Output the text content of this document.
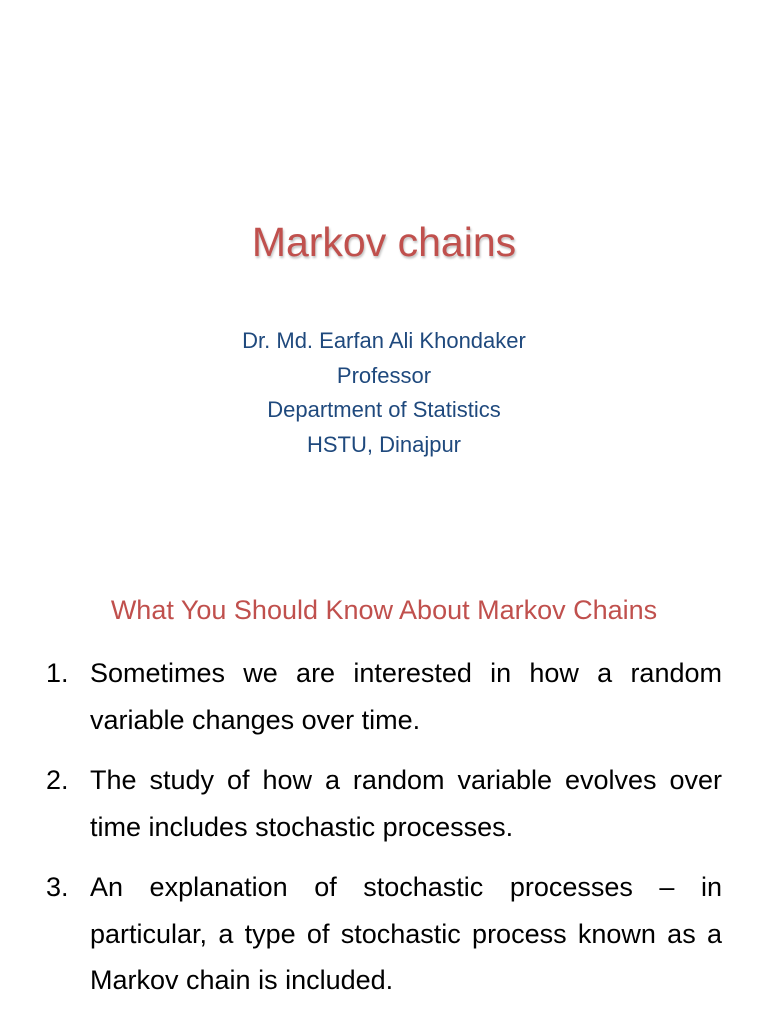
Markov chains
Dr. Md. Earfan Ali Khondaker
Professor
Department of Statistics
HSTU, Dinajpur
What You Should Know About Markov Chains
1. Sometimes we are interested in how a random variable changes over time.
2. The study of how a random variable evolves over time includes stochastic processes.
3. An explanation of stochastic processes – in particular, a type of stochastic process known as a Markov chain is included.
